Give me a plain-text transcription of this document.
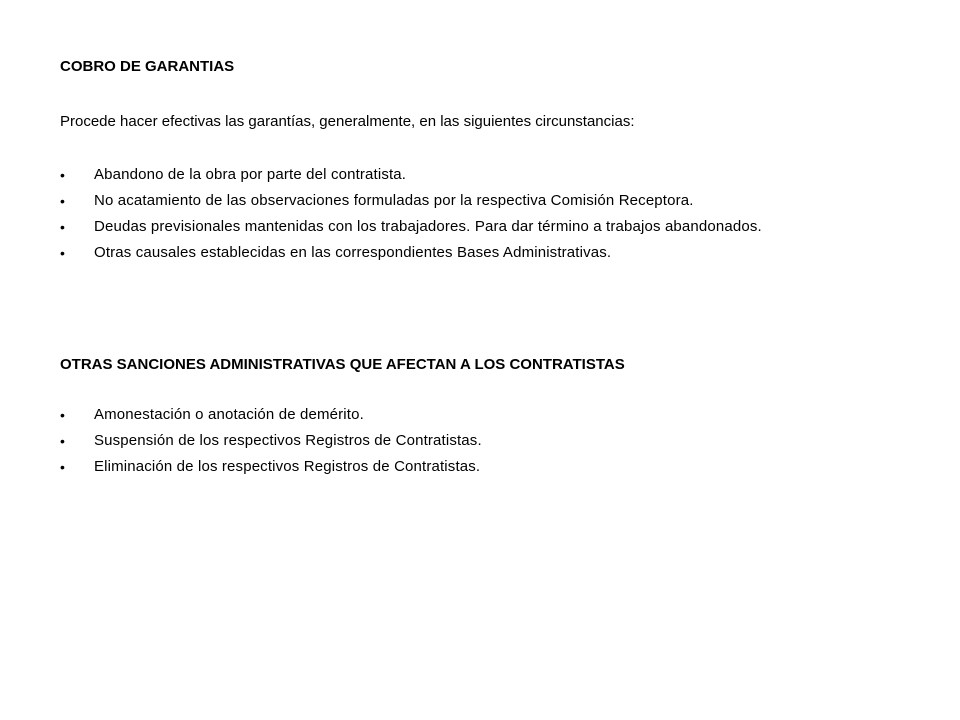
COBRO DE GARANTIAS
Procede hacer efectivas las garantías, generalmente, en las siguientes circunstancias:
• Abandono de la obra por parte del contratista.
• No acatamiento de las observaciones formuladas por la respectiva Comisión Receptora.
• Deudas previsionales mantenidas con los trabajadores. Para dar término a trabajos abandonados.
• Otras causales establecidas en las correspondientes Bases Administrativas.
OTRAS SANCIONES ADMINISTRATIVAS QUE AFECTAN A LOS CONTRATISTAS
• Amonestación o anotación de demérito.
• Suspensión de los respectivos Registros de Contratistas.
• Eliminación de los respectivos Registros de Contratistas.
